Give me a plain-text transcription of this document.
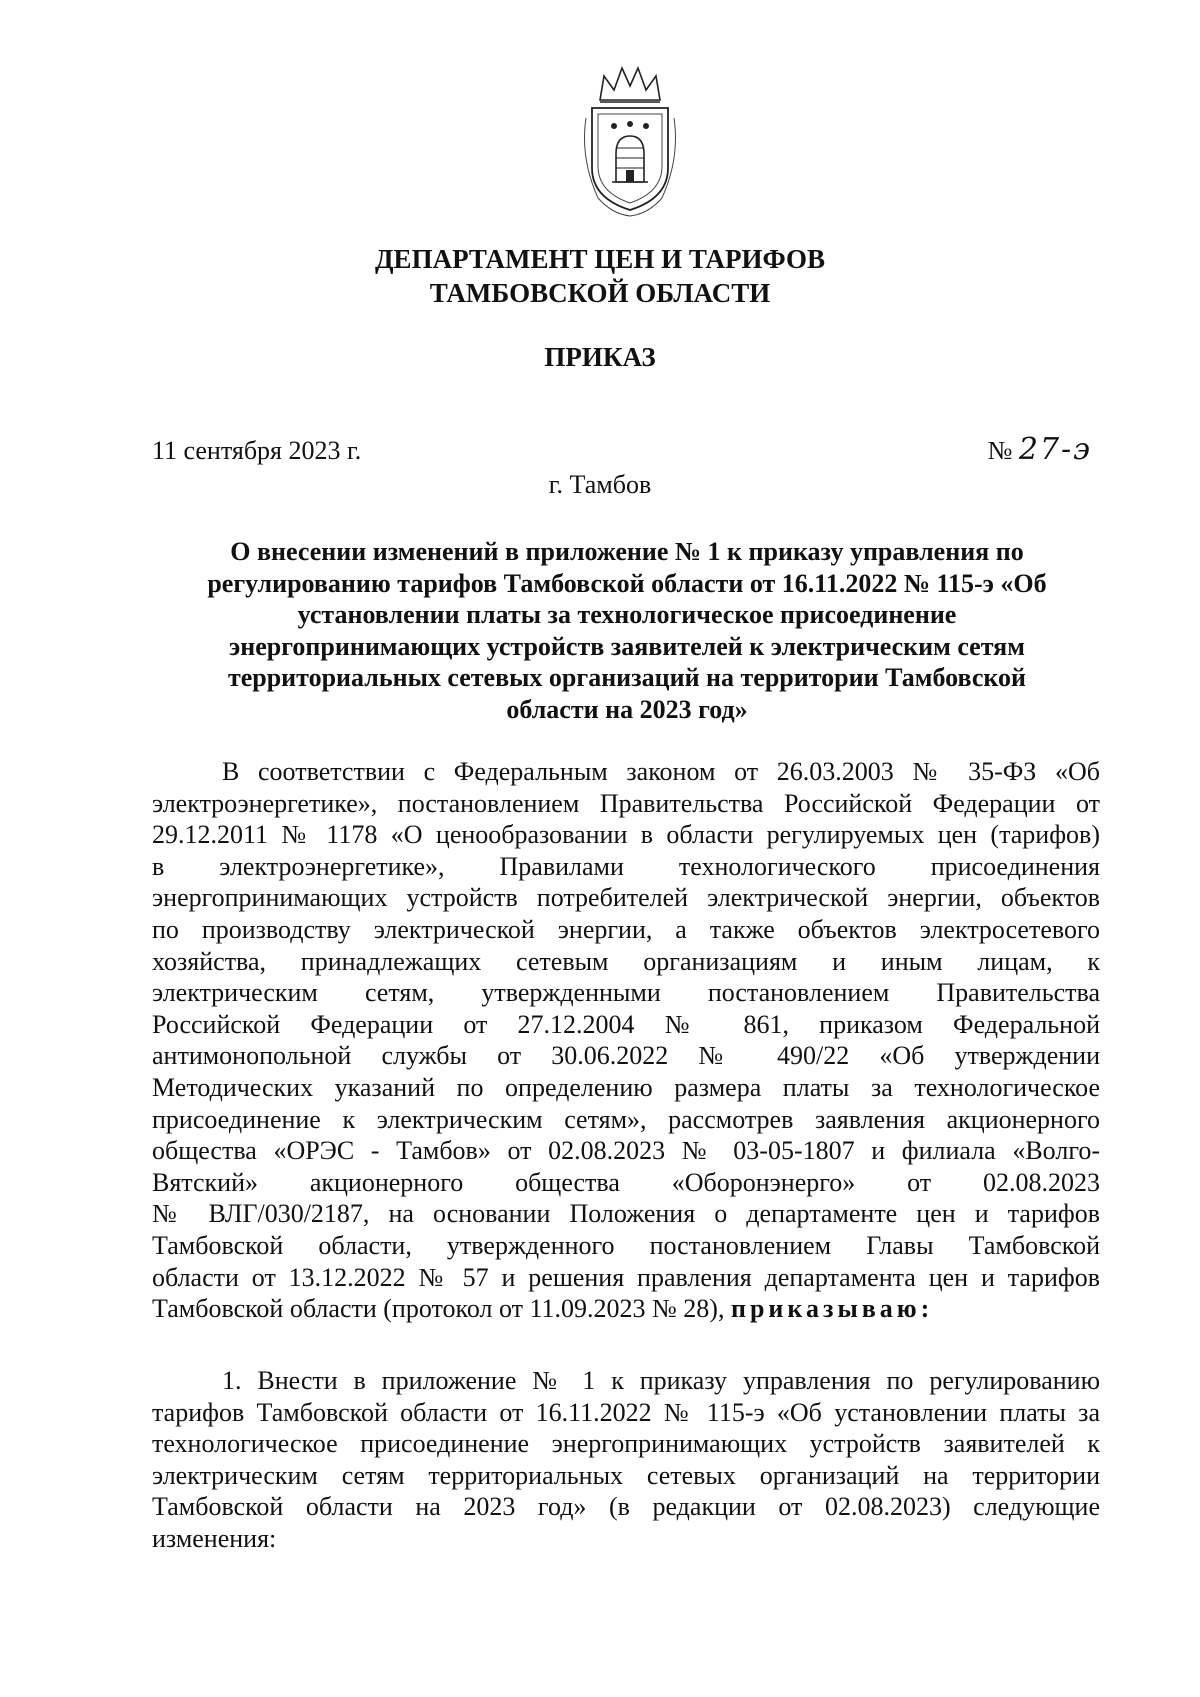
ДЕПАРТАМЕНТ ЦЕН И ТАРИФОВ
ТАМБОВСКОЙ ОБЛАСТИ
ПРИКАЗ
11 сентября 2023 г.	№ 27-э
г. Тамбов
О внесении изменений в приложение № 1 к приказу управления по
регулированию тарифов Тамбовской области от 16.11.2022 № 115-э «Об
установлении платы за технологическое присоединение
энергопринимающих устройств заявителей к электрическим сетям
территориальных сетевых организаций на территории Тамбовской
области на 2023 год»
В соответствии с Федеральным законом от 26.03.2003 № 35-ФЗ «Об
электроэнергетике», постановлением Правительства Российской Федерации от
29.12.2011 № 1178 «О ценообразовании в области регулируемых цен (тарифов)
в электроэнергетике», Правилами технологического присоединения
энергопринимающих устройств потребителей электрической энергии, объектов
по производству электрической энергии, а также объектов электросетевого
хозяйства, принадлежащих сетевым организациям и иным лицам, к
электрическим сетям, утвержденными постановлением Правительства
Российской Федерации от 27.12.2004 № 861, приказом Федеральной
антимонопольной службы от 30.06.2022 № 490/22 «Об утверждении
Методических указаний по определению размера платы за технологическое
присоединение к электрическим сетям», рассмотрев заявления акционерного
общества «ОРЭС - Тамбов» от 02.08.2023 № 03-05-1807 и филиала «Волго-
Вятский» акционерного общества «Оборонэнерго» от 02.08.2023
№ ВЛГ/030/2187, на основании Положения о департаменте цен и тарифов
Тамбовской области, утвержденного постановлением Главы Тамбовской
области от 13.12.2022 № 57 и решения правления департамента цен и тарифов
Тамбовской области (протокол от 11.09.2023 № 28), приказываю:
1. Внести в приложение № 1 к приказу управления по регулированию
тарифов Тамбовской области от 16.11.2022 № 115-э «Об установлении платы за
технологическое присоединение энергопринимающих устройств заявителей к
электрическим сетям территориальных сетевых организаций на территории
Тамбовской области на 2023 год» (в редакции от 02.08.2023) следующие
изменения:
